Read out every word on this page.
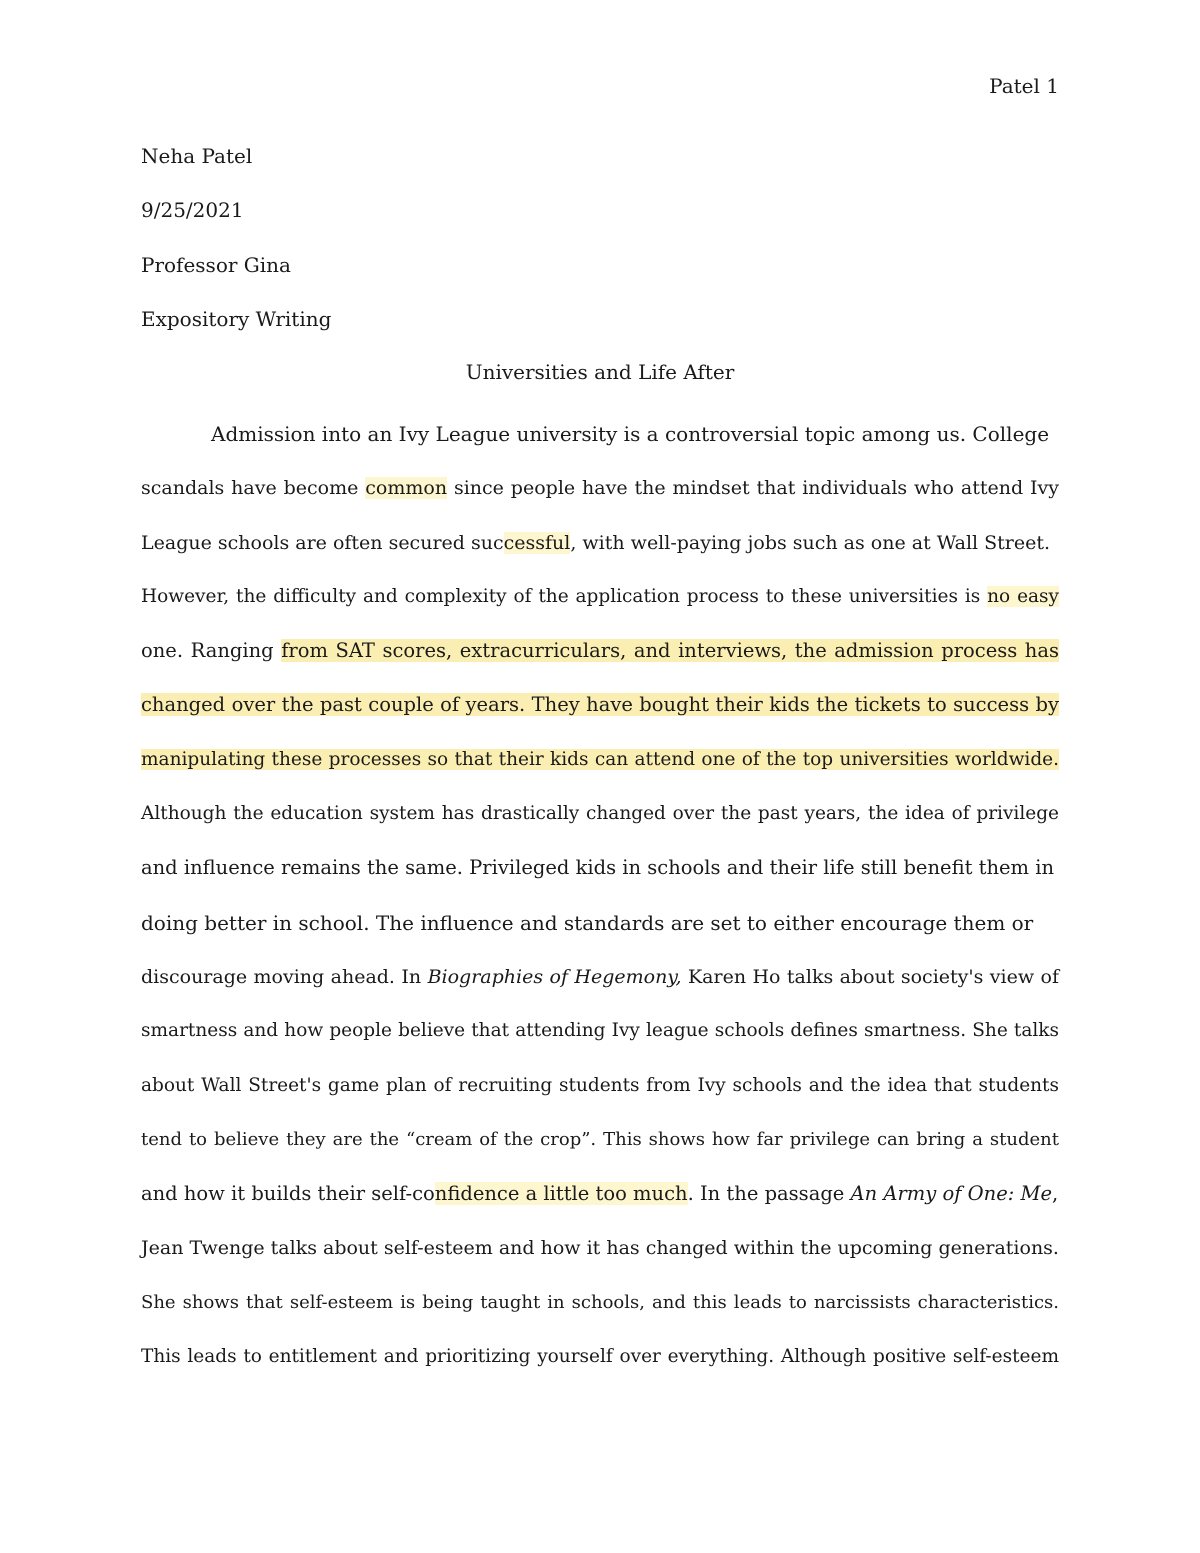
Patel 1
Neha Patel
9/25/2021
Professor Gina
Expository Writing
Universities and Life After
Admission into an Ivy League university is a controversial topic among us. College
scandals have become common since people have the mindset that individuals who attend Ivy
League schools are often secured successful, with well-paying jobs such as one at Wall Street.
However, the difficulty and complexity of the application process to these universities is no easy
one. Ranging from SAT scores, extracurriculars, and interviews, the admission process has
changed over the past couple of years. They have bought their kids the tickets to success by
manipulating these processes so that their kids can attend one of the top universities worldwide.
Although the education system has drastically changed over the past years, the idea of privilege
and influence remains the same. Privileged kids in schools and their life still benefit them in
doing better in school. The influence and standards are set to either encourage them or
discourage moving ahead. In Biographies of Hegemony, Karen Ho talks about society's view of
smartness and how people believe that attending Ivy league schools defines smartness. She talks
about Wall Street's game plan of recruiting students from Ivy schools and the idea that students
tend to believe they are the “cream of the crop”. This shows how far privilege can bring a student
and how it builds their self-confidence a little too much. In the passage An Army of One: Me,
Jean Twenge talks about self-esteem and how it has changed within the upcoming generations.
She shows that self-esteem is being taught in schools, and this leads to narcissists characteristics.
This leads to entitlement and prioritizing yourself over everything. Although positive self-esteem
